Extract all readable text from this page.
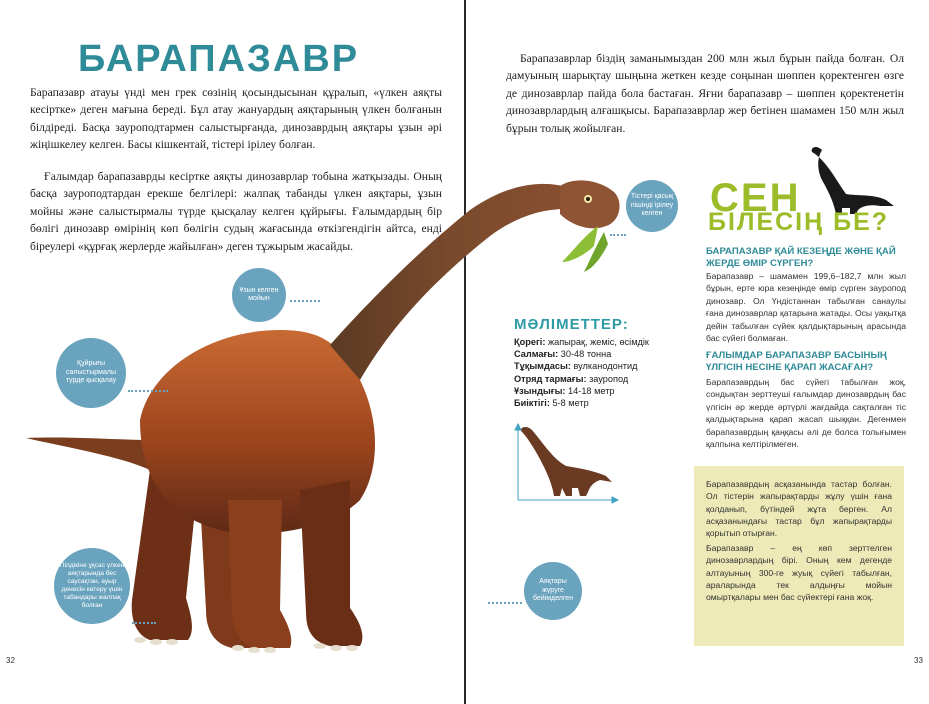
БАРАПАЗАВР
Барапазавр атауы үнді мен грек сөзінің қосындысынан құралып, «үлкен аяқты кесіртке» деген мағына береді. Бұл атау жануардың аяқтарының үлкен болғанын білдіреді. Басқа зауроподтармен салыстырғанда, динозаврдың аяқтары ұзын әрі жіңішкелеу келген. Басы кішкентай, тістері ірілеу болған.
Ғалымдар барапазаврды кесіртке аяқты динозаврлар тобына жатқызады. Оның басқа зауроподтардан ерекше белгілері: жалпақ табанды үлкен аяқтары, ұзын мойны және салыстырмалы түрде қысқалау келген құйрығы. Ғалымдардың бір бөлігі динозавр өмірінің көп бөлігін судың жағасында өткізгендігін айтса, енді біреулері «құрғақ жерлерде жайылған» деген тұжырым жасайды.
32	33
Барапазаврлар біздің заманымыздан 200 млн жыл бұрын пайда болған. Ол дамуының шарықтау шыңына жеткен кезде соңынан шөппен қоректенген өзге де динозаврлар пайда бола бастаған. Яғни барапазавр – шөппен қоректенетін динозаврлардың алғашқысы. Барапазаврлар жер бетінен шамамен 150 млн жыл бұрын толық жойылған.
Ұзын келген мойын
Құйрығы салыстырмалы түрде қысқалау
Пілдікіне ұқсас үлкен аяқтарында бес саусақтан, ауыр денесін көтеру үшін табандары жалпақ болған
Тістері қасық пішінді ірілеу келген
Аяқтары жүруге бейімделген
СЕН
БІЛЕСІҢ БЕ?
БАРАПАЗАВР ҚАЙ КЕЗЕҢДЕ ЖӘНЕ ҚАЙ ЖЕРДЕ ӨМІР СҮРГЕН?
Барапазавр – шамамен 199,6–182,7 млн жыл бұрын, ерте юра кезеңінде өмір сүрген зауропод динозавр. Ол Үндістаннан табылған санаулы ғана динозаврлар қатарына жатады. Осы уақытқа дейін табылған сүйек қалдықтарының арасында бас сүйегі болмаған.
ҒАЛЫМДАР БАРАПАЗАВР БАСЫНЫҢ ҮЛГІСІН НЕСІНЕ ҚАРАП ЖАСАҒАН?
Барапазаврдың бас сүйегі табылған жоқ, сондықтан зерттеуші ғалымдар динозаврдың бас үлгісін әр жерде әртүрлі жағдайда сақталған тіс қалдықтарына қарап жасап шыққан. Дегенмен барапазаврдың қаңқасы әлі де болса толығымен қалпына келтірілмеген.
МӘЛІМЕТТЕР:
Қорегі: жапырақ, жеміс, өсімдік
Салмағы: 30-48 тонна
Тұқымдасы: вулканодонтид
Отряд тармағы: зауропод
Ұзындығы: 14-18 метр
Биіктігі: 5-8 метр

Барапазаврдың асқазанында тастар болған. Ол тістерін жапырақтарды жұлу үшін ғана қолданып, бүтіндей жұта берген. Ал асқазанындағы тастар бұл жапырақтарды қорытып отырған.

Барапазавр – ең көп зерттелген динозаврлардың бірі. Оның кем дегенде алтауының 300-ге жуық сүйегі табылған, араларында тек алдыңғы мойын омыртқалары мен бас сүйектері ғана жоқ.
